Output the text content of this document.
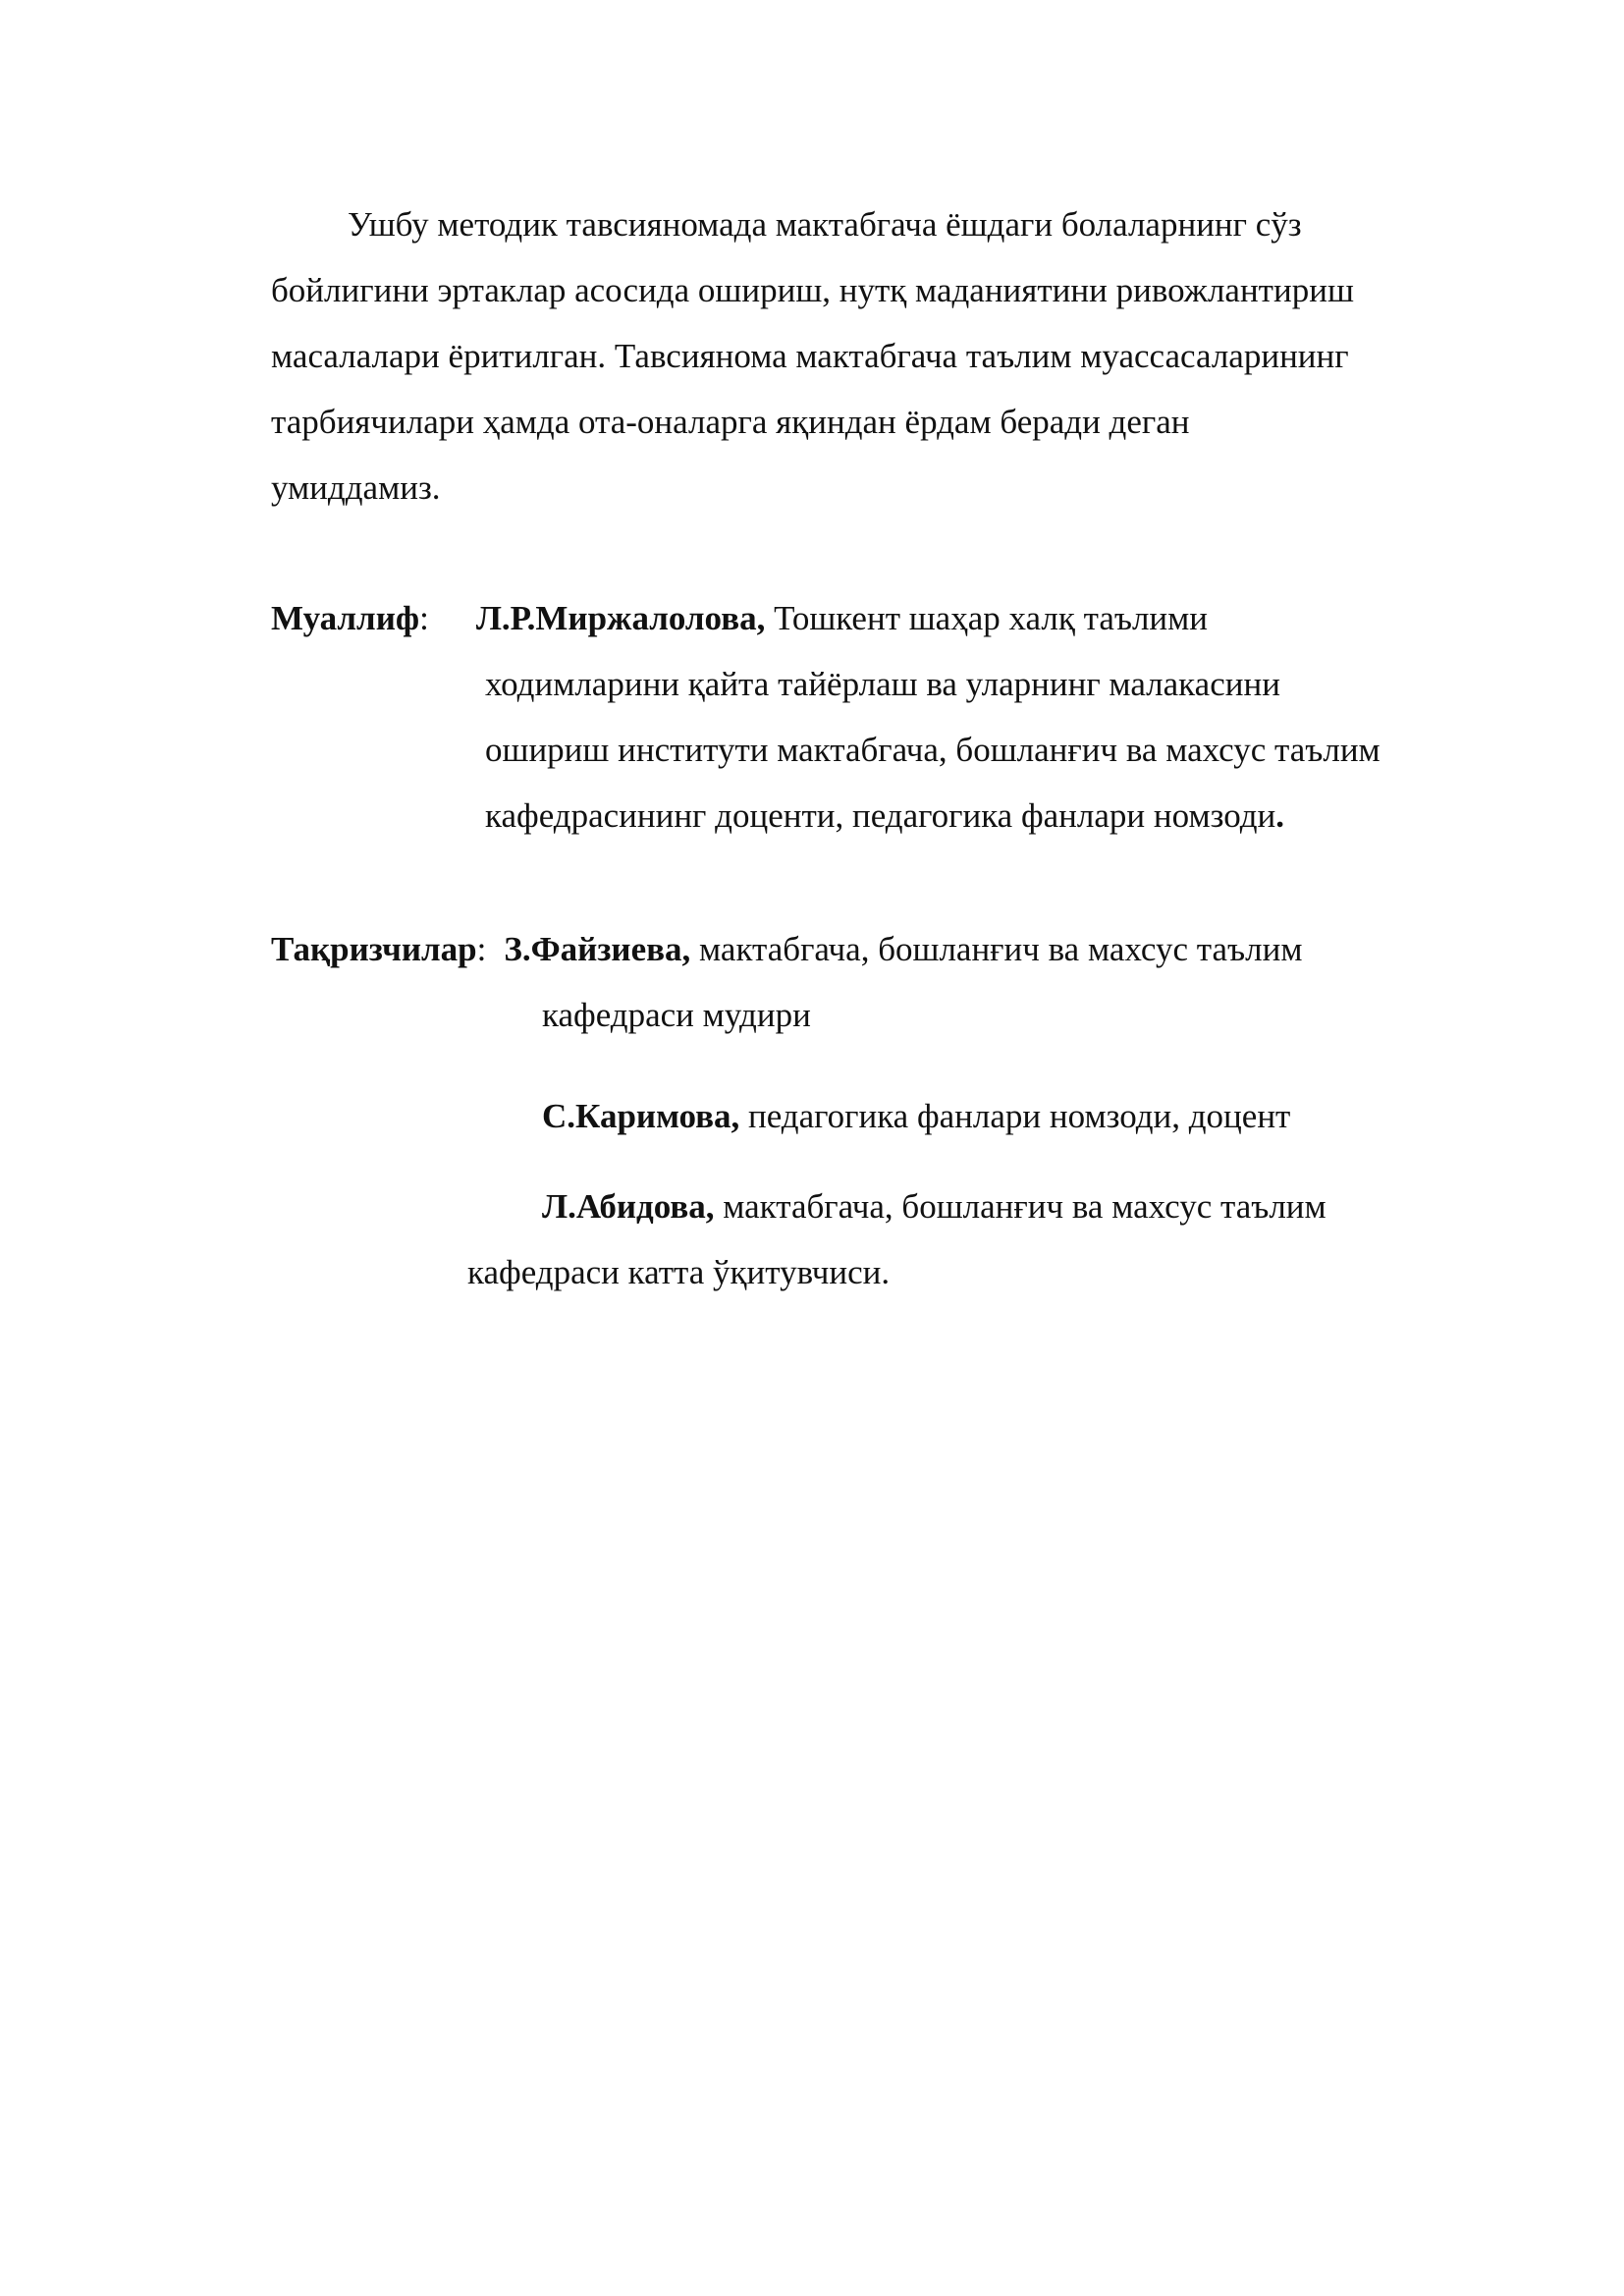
Ушбу методик тавсияномада мактабгача ёшдаги болаларнинг сўз
бойлигини эртаклар асосида ошириш, нутқ маданиятини ривожлантириш
масалалари ёритилган. Тавсиянома мактабгача таълим муассасаларининг
тарбиячилари ҳамда ота-оналарга яқиндан ёрдам беради деган
умиддамиз.
Муаллиф:	Л.Р.Миржалолова, Тошкент шаҳар халқ таълими
ходимларини қайта тайёрлаш ва уларнинг малакасини
ошириш институти мактабгача, бошланғич ва махсус таълим
кафедрасининг доценти, педагогика фанлари номзоди.
Тақризчилар: З.Файзиева, мактабгача, бошланғич ва махсус таълим
кафедраси мудири
С.Каримова, педагогика фанлари номзоди, доцент
Л.Абидова, мактабгача, бошланғич ва махсус таълим
кафедраси катта ўқитувчиси.
